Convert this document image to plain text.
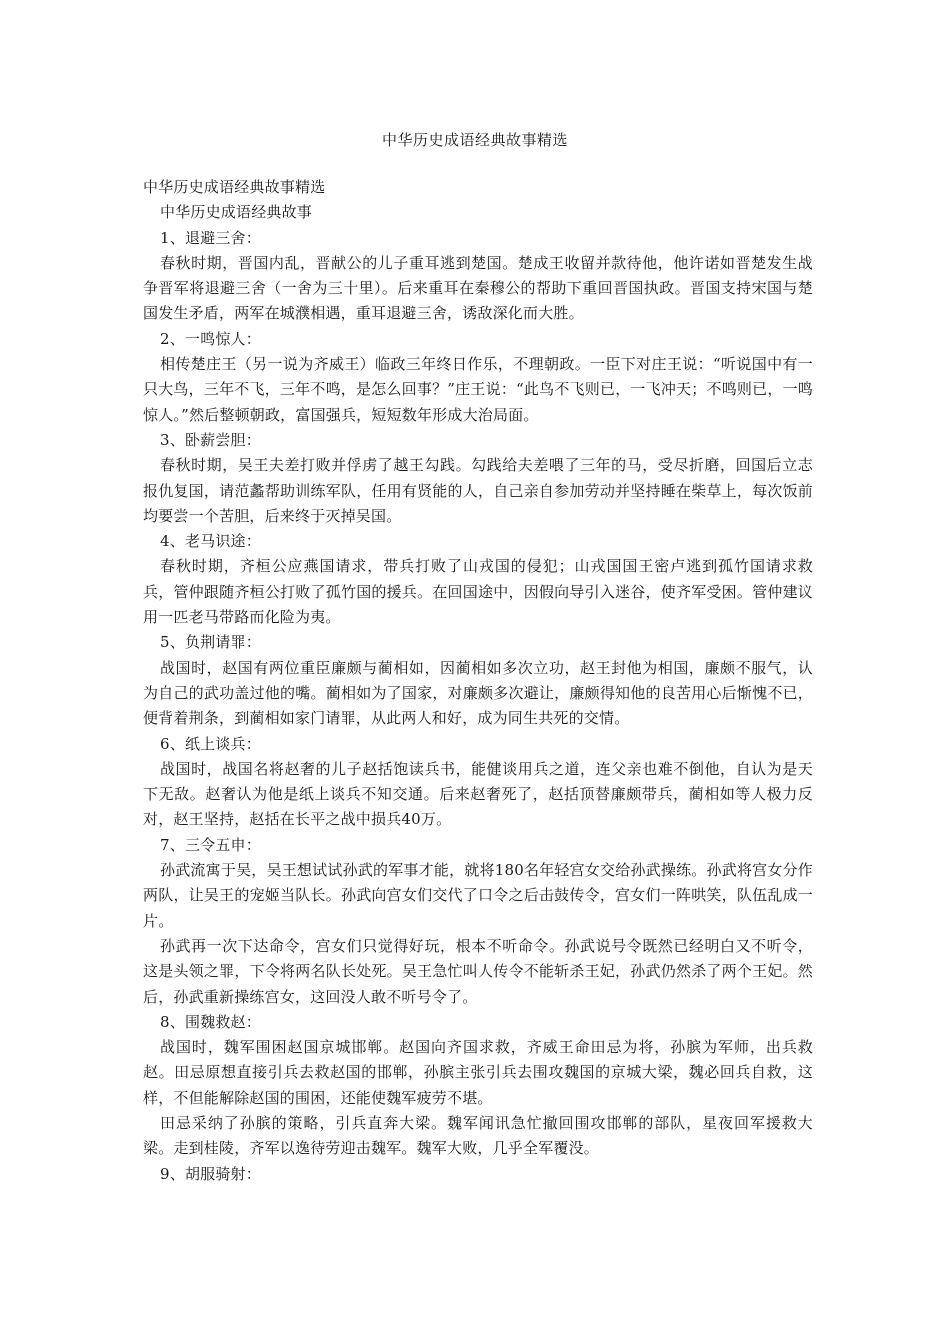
中华历史成语经典故事精选

中华历史成语经典故事精选

中华历史成语经典故事

1、退避三舍：

春秋时期，晋国内乱，晋献公的儿子重耳逃到楚国。楚成王收留并款待他，他许诺如晋楚发生战争晋军将退避三舍（一舍为三十里）。后来重耳在秦穆公的帮助下重回晋国执政。晋国支持宋国与楚国发生矛盾，两军在城濮相遇，重耳退避三舍，诱敌深化而大胜。

2、一鸣惊人：

相传楚庄王（另一说为齐威王）临政三年终日作乐，不理朝政。一臣下对庄王说：“听说国中有一只大鸟，三年不飞，三年不鸣，是怎么回事？”庄王说：“此鸟不飞则已，一飞冲天；不鸣则已，一鸣惊人。”然后整顿朝政，富国强兵，短短数年形成大治局面。

3、卧薪尝胆：

春秋时期，吴王夫差打败并俘虏了越王勾践。勾践给夫差喂了三年的马，受尽折磨，回国后立志报仇复国，请范蠡帮助训练军队，任用有贤能的人，自己亲自参加劳动并坚持睡在柴草上，每次饭前均要尝一个苦胆，后来终于灭掉吴国。

4、老马识途：

春秋时期，齐桓公应燕国请求，带兵打败了山戎国的侵犯；山戎国国王密卢逃到孤竹国请求救兵，管仲跟随齐桓公打败了孤竹国的援兵。在回国途中，因假向导引入迷谷，使齐军受困。管仲建议用一匹老马带路而化险为夷。

5、负荆请罪：

战国时，赵国有两位重臣廉颇与蔺相如，因蔺相如多次立功，赵王封他为相国，廉颇不服气，认为自己的武功盖过他的嘴。蔺相如为了国家，对廉颇多次避让，廉颇得知他的良苦用心后惭愧不已，便背着荆条，到蔺相如家门请罪，从此两人和好，成为同生共死的交情。

6、纸上谈兵：

战国时，战国名将赵奢的儿子赵括饱读兵书，能健谈用兵之道，连父亲也难不倒他，自认为是天下无敌。赵奢认为他是纸上谈兵不知交通。后来赵奢死了，赵括顶替廉颇带兵，蔺相如等人极力反对，赵王坚持，赵括在长平之战中损兵40万。

7、三令五申：

孙武流寓于吴，吴王想试试孙武的军事才能，就将180名年轻宫女交给孙武操练。孙武将宫女分作两队，让吴王的宠姬当队长。孙武向宫女们交代了口令之后击鼓传令，宫女们一阵哄笑，队伍乱成一片。

孙武再一次下达命令，宫女们只觉得好玩，根本不听命令。孙武说号令既然已经明白又不听令，这是头领之罪，下令将两名队长处死。吴王急忙叫人传令不能斩杀王妃，孙武仍然杀了两个王妃。然后，孙武重新操练宫女，这回没人敢不听号令了。

8、围魏救赵：

战国时，魏军围困赵国京城邯郸。赵国向齐国求救，齐威王命田忌为将，孙膑为军师，出兵救赵。田忌原想直接引兵去救赵国的邯郸，孙膑主张引兵去围攻魏国的京城大梁，魏必回兵自救，这样，不但能解除赵国的围困，还能使魏军疲劳不堪。

田忌采纳了孙膑的策略，引兵直奔大梁。魏军闻讯急忙撤回围攻邯郸的部队，星夜回军援救大梁。走到桂陵，齐军以逸待劳迎击魏军。魏军大败，几乎全军覆没。

9、胡服骑射：
